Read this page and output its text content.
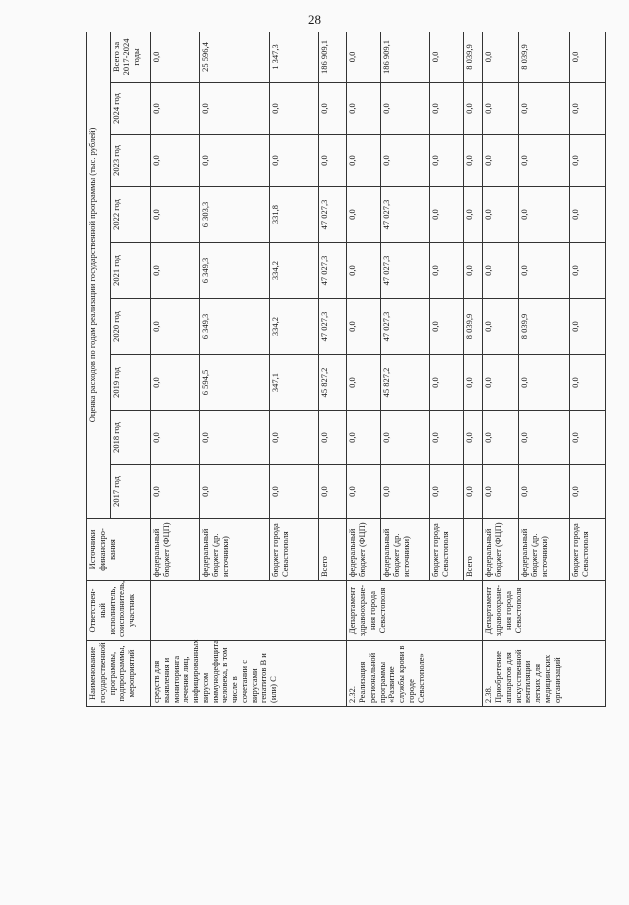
28
Наименование государственной программы, подпрограммы, мероприятий	Ответствен-ный исполнитель, соисполнитель, участник	Источники финансиро-вания	Оценка расходов по годам реализации государственной программы (тыс. рублей)								
			2017 год	2018 год	2019 год	2020 год	2021 год	2022 год	2023 год	2024 год	Всего за 2017-2024 годы
средств для выявления и мониторинга лечения лиц, инфицированных вирусом иммунодефицита человека, в том числе в сочетании с вирусами гепатитов В и (или) С		федеральный бюджет (ФЦП)	0,0	0,0	0,0	0,0	0,0	0,0	0,0	0,0	0,0
		федеральный бюджет (др. источники)	0,0	0,0	6 594,5	6 349,3	6 349,3	6 303,3	0,0	0,0	25 596,4
		бюджет города Севастополя	0,0	0,0	347,1	334,2	334,2	331,8	0,0	0,0	1 347,3
		Всего	0,0	0,0	45 827,2	47 027,3	47 027,3	47 027,3	0,0	0,0	186 909,1
2.32. Реализация региональной программы «Развитие службы крови в городе Севастополе»	Департамент здравоохране-ния города Севастополя	федеральный бюджет (ФЦП)	0,0	0,0	0,0	0,0	0,0	0,0	0,0	0,0	0,0
		федеральный бюджет (др. источники)	0,0	0,0	45 827,2	47 027,3	47 027,3	47 027,3	0,0	0,0	186 909,1
		бюджет города Севастополя	0,0	0,0	0,0	0,0	0,0	0,0	0,0	0,0	0,0
		Всего	0,0	0,0	0,0	8 039,9	0,0	0,0	0,0	0,0	8 039,9
2.38. Приобретение аппаратов для искусственной вентиляции легких для медицинских организаций	Департамент здравоохране-ния города Севастополя	федеральный бюджет (ФЦП)	0,0	0,0	0,0	0,0	0,0	0,0	0,0	0,0	0,0
		федеральный бюджет (др. источники)	0,0	0,0	0,0	8 039,9	0,0	0,0	0,0	0,0	8 039,9
		бюджет города Севастополя	0,0	0,0	0,0	0,0	0,0	0,0	0,0	0,0	0,0
